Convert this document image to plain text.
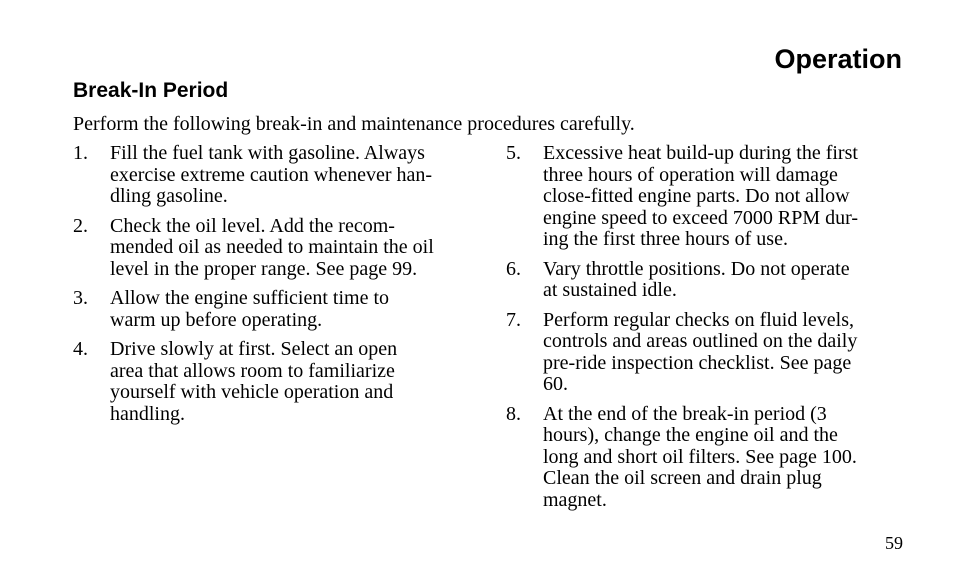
Operation
Break-In Period

Perform the following break-in and maintenance procedures carefully.

1. Fill the fuel tank with gasoline. Always
exercise extreme caution whenever han-
dling gasoline.
2. Check the oil level. Add the recom-
mended oil as needed to maintain the oil
level in the proper range. See page 99.
3. Allow the engine sufficient time to
warm up before operating.
4. Drive slowly at first. Select an open
area that allows room to familiarize
yourself with vehicle operation and
handling.
5. Excessive heat build-up during the first
three hours of operation will damage
close-fitted engine parts. Do not allow
engine speed to exceed 7000 RPM dur-
ing the first three hours of use.
6. Vary throttle positions. Do not operate
at sustained idle.
7. Perform regular checks on fluid levels,
controls and areas outlined on the daily
pre-ride inspection checklist. See page
60.
8. At the end of the break-in period (3
hours), change the engine oil and the
long and short oil filters. See page 100.
Clean the oil screen and drain plug
magnet.
59
